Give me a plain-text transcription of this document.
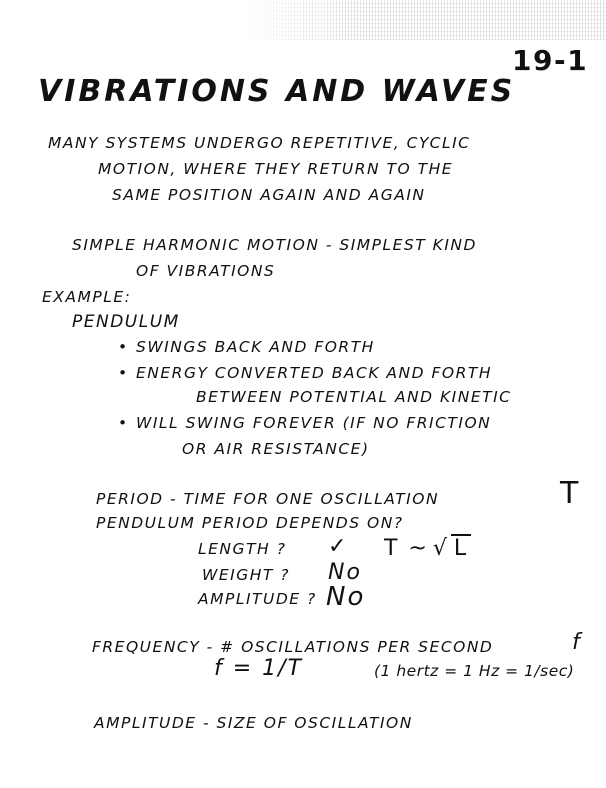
19-1
VIBRATIONS AND WAVES
MANY SYSTEMS UNDERGO REPETITIVE, CYCLIC
MOTION, WHERE THEY RETURN TO THE
SAME POSITION AGAIN AND AGAIN
SIMPLE HARMONIC MOTION - SIMPLEST KIND
OF VIBRATIONS
EXAMPLE:
PENDULUM
• SWINGS BACK AND FORTH
• ENERGY CONVERTED BACK AND FORTH
BETWEEN POTENTIAL AND KINETIC
• WILL SWING FOREVER (IF NO FRICTION
OR AIR RESISTANCE)
PERIOD - TIME FOR ONE OSCILLATION	T
PENDULUM PERIOD DEPENDS ON?
LENGTH ? ✓ T ~ √ L
WEIGHT ? No
AMPLITUDE ? No
FREQUENCY - # OSCILLATIONS PER SECOND	f
f = 1/T	(1 hertz = 1 Hz = 1/sec)
AMPLITUDE - SIZE OF OSCILLATION
